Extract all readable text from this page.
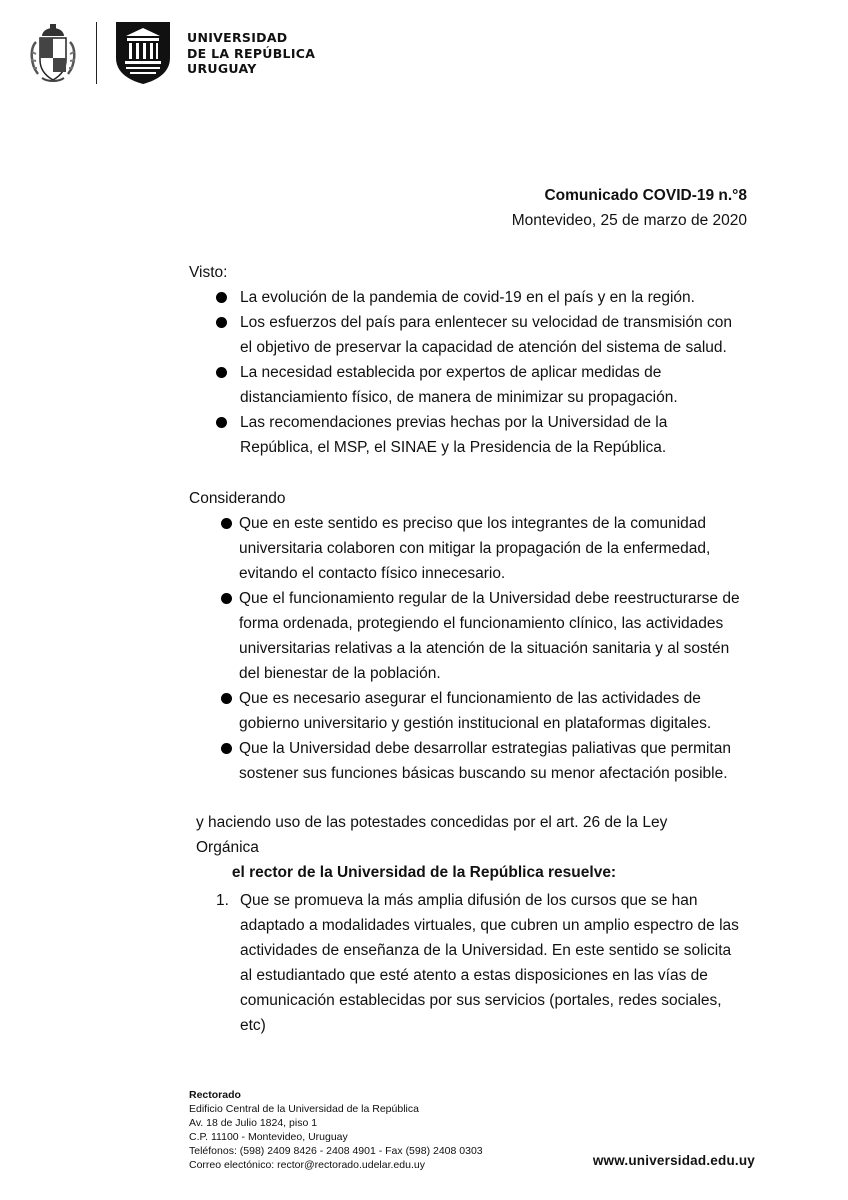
UNIVERSIDAD
DE LA REPÚBLICA
URUGUAY
Comunicado COVID-19 n.°8
Montevideo, 25 de marzo de 2020
Visto:
La evolución de la pandemia de covid-19 en el país y en la región.
Los esfuerzos del país para enlentecer su velocidad de transmisión con
el objetivo de preservar la capacidad de atención del sistema de salud.
La necesidad establecida por expertos de aplicar medidas de
distanciamiento físico, de manera de minimizar su propagación.
Las recomendaciones previas hechas por la Universidad de la
República, el MSP, el SINAE y la Presidencia de la República.
Considerando
Que en este sentido es preciso que los integrantes de la comunidad
universitaria colaboren con mitigar la propagación de la enfermedad,
evitando el contacto físico innecesario.
Que el funcionamiento regular de la Universidad debe reestructurarse de
forma ordenada, protegiendo el funcionamiento clínico, las actividades
universitarias relativas a la atención de la situación sanitaria y al sostén
del bienestar de la población.
Que es necesario asegurar el funcionamiento de las actividades de
gobierno universitario y gestión institucional en plataformas digitales.
Que la Universidad debe desarrollar estrategias paliativas que permitan
sostener sus funciones básicas buscando su menor afectación posible.
y haciendo uso de las potestades concedidas por el art. 26 de la Ley Orgánica
el rector de la Universidad de la República resuelve:
1. Que se promueva la más amplia difusión de los cursos que se han
adaptado a modalidades virtuales, que cubren un amplio espectro de las
actividades de enseñanza de la Universidad. En este sentido se solicita
al estudiantado que esté atento a estas disposiciones en las vías de
comunicación establecidas por sus servicios (portales, redes sociales,
etc)
Rectorado
Edificio Central de la Universidad de la República
Av. 18 de Julio 1824, piso 1
C.P. 11100 - Montevideo, Uruguay
Teléfonos: (598) 2409 8426 - 2408 4901 - Fax (598) 2408 0303
Correo electónico: rector@rectorado.udelar.edu.uy	www.universidad.edu.uy
